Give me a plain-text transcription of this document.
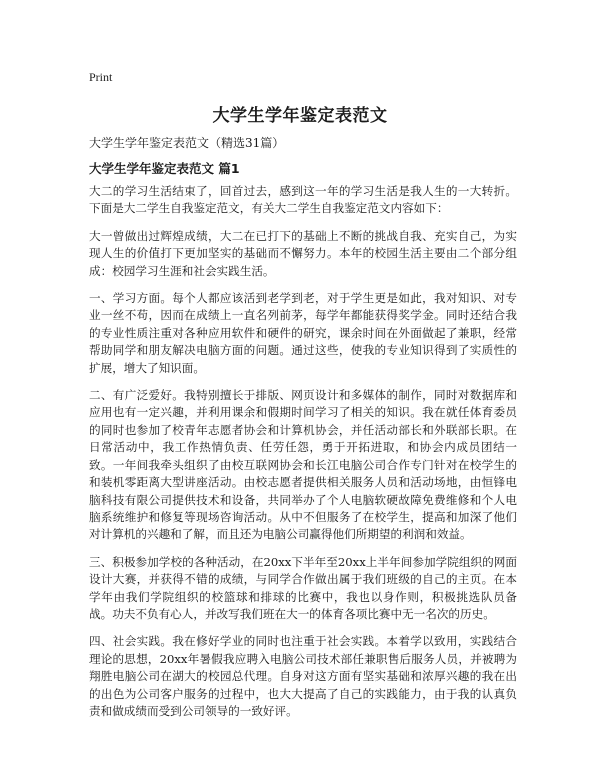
Print
大学生学年鉴定表范文
大学生学年鉴定表范文（精选31篇）
大学生学年鉴定表范文 篇1

大二的学习生活结束了，回首过去，感到这一年的学习生活是我人生的一大转折。下面是大二学生自我鉴定范文，有关大二学生自我鉴定范文内容如下：

大一曾做出过辉煌成绩，大二在已打下的基础上不断的挑战自我、充实自己，为实现人生的价值打下更加坚实的基础而不懈努力。本年的校园生活主要由二个部分组成：校园学习生涯和社会实践生活。

一、学习方面。每个人都应该活到老学到老，对于学生更是如此，我对知识、对专业一丝不苟，因而在成绩上一直名列前茅，每学年都能获得奖学金。同时还结合我的专业性质注重对各种应用软件和硬件的研究，课余时间在外面做起了兼职，经常帮助同学和朋友解决电脑方面的问题。通过这些，使我的专业知识得到了实质性的扩展，增大了知识面。

二、有广泛爱好。我特别擅长于排版、网页设计和多媒体的制作，同时对数据库和应用也有一定兴趣，并利用课余和假期时间学习了相关的知识。我在就任体育委员的同时也参加了校青年志愿者协会和计算机协会，并任活动部长和外联部长职。在日常活动中，我工作热情负责、任劳任怨，勇于开拓进取，和协会内成员团结一致。一年间我牵头组织了由校互联网协会和长江电脑公司合作专门针对在校学生的和装机零距离大型讲座活动。由校志愿者提供相关服务人员和活动场地，由恒锋电脑科技有限公司提供技术和设备，共同举办了个人电脑软硬故障免费维修和个人电脑系统维护和修复等现场咨询活动。从中不但服务了在校学生，提高和加深了他们对计算机的兴趣和了解，而且还为电脑公司赢得他们所期望的利润和效益。

三、积极参加学校的各种活动，在20xx下半年至20xx上半年间参加学院组织的网面设计大赛，并获得不错的成绩，与同学合作做出属于我们班级的自己的主页。在本学年由我们学院组织的校篮球和排球的比赛中，我也以身作则，积极挑选队员备战。功夫不负有心人，并改写我们班在大一的体育各项比赛中无一名次的历史。

四、社会实践。我在修好学业的同时也注重于社会实践。本着学以致用，实践结合理论的思想，20xx年暑假我应聘入电脑公司技术部任兼职售后服务人员，并被聘为翔胜电脑公司在湖大的校园总代理。自身对这方面有坚实基础和浓厚兴趣的我在出的出色为公司客户服务的过程中，也大大提高了自己的实践能力，由于我的认真负责和做成绩而受到公司领导的一致好评。
